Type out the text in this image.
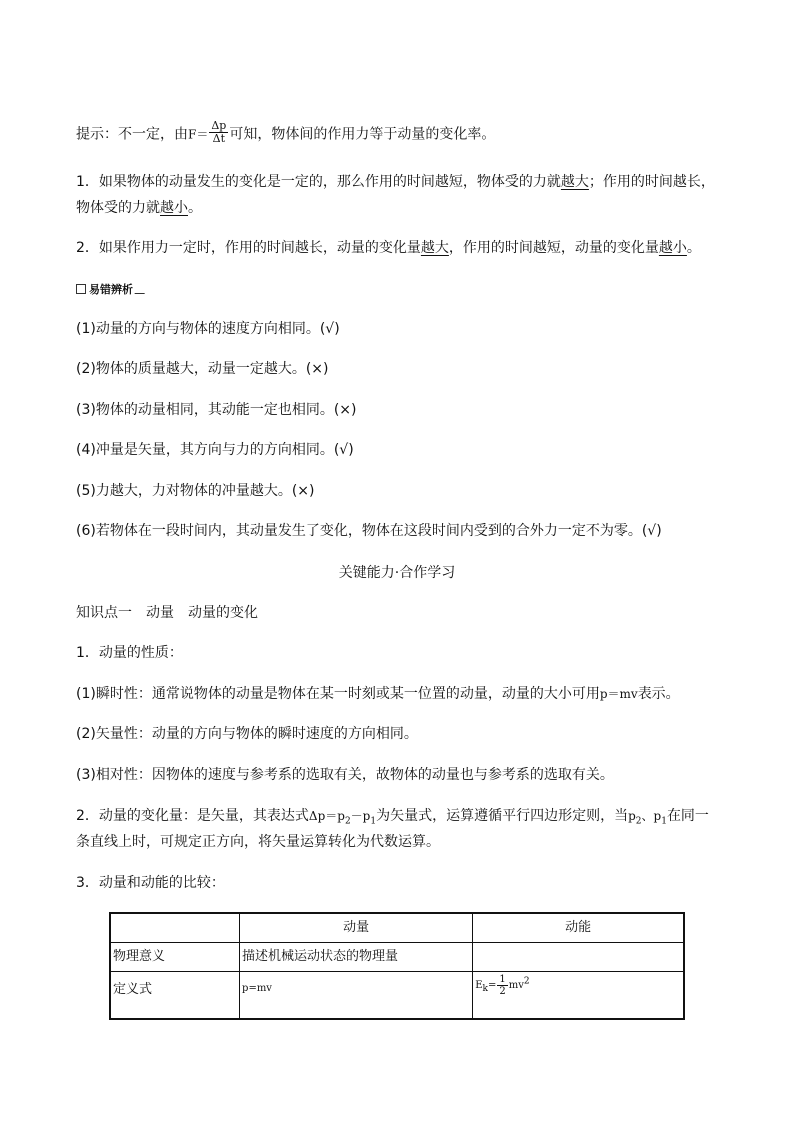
提示：不一定，由$F= \frac{\Delta p}{\Delta t}$ 可知，物体间的作用力等于动量的变化率。
1．如果物体的动量发生的变化是一定的，那么作用的时间越短，物体受的力就越大；作用的时间越长，
物体受的力就越小。
2．如果作用力一定时，作用的时间越长，动量的变化量越大，作用的时间越短，动量的变化量越小。
易错辨析
(1)动量的方向与物体的速度方向相同。(√)
(2)物体的质量越大，动量一定越大。(×)
(3)物体的动量相同，其动能一定也相同。(×)
(4)冲量是矢量，其方向与力的方向相同。(√)
(5)力越大，力对物体的冲量越大。(×)
(6)若物体在一段时间内，其动量发生了变化，物体在这段时间内受到的合外力一定不为零。(√)
关键能力·合作学习
知识点一　动量　动量的变化
1．动量的性质：
(1)瞬时性：通常说物体的动量是物体在某一时刻或某一位置的动量，动量的大小可用p＝mv表示。
(2)矢量性：动量的方向与物体的瞬时速度的方向相同。
(3)相对性：因物体的速度与参考系的选取有关，故物体的动量也与参考系的选取有关。
2．动量的变化量：是矢量，其表达式$\Delta p=p_2-p_1$为矢量式，运算遵循平行四边形定则，当$p_2$、$p_1$在同一
条直线上时，可规定正方向，将矢量运算转化为代数运算。
3．动量和动能的比较：
	动量	动能
物理意义	描述机械运动状态的物理量	
定义式	p=mv	$E_k= \frac{1}{2} mv^2$
